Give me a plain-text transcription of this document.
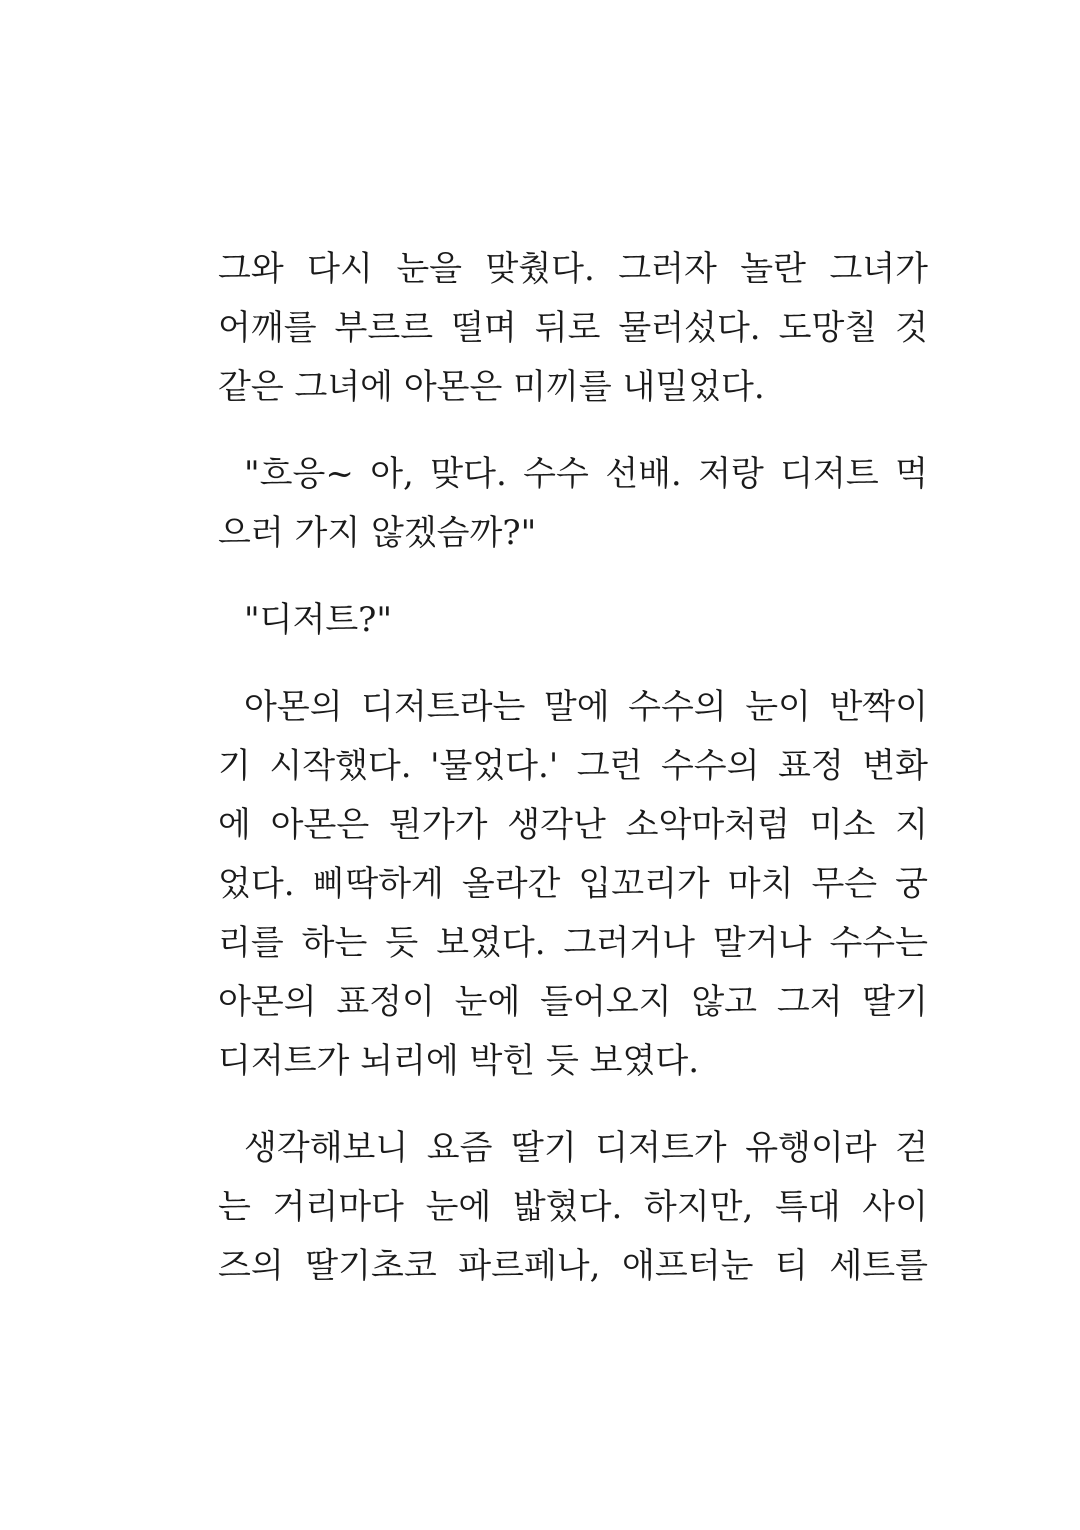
그와 다시 눈을 맞췄다. 그러자 놀란 그녀가
어깨를 부르르 떨며 뒤로 물러섰다. 도망칠 것
같은 그녀에 아몬은 미끼를 내밀었다.

"흐응~ 아, 맞다. 수수 선배. 저랑 디저트 먹
으러 가지 않겠슴까?"

"디저트?"

아몬의 디저트라는 말에 수수의 눈이 반짝이
기 시작했다. '물었다.' 그런 수수의 표정 변화
에 아몬은 뭔가가 생각난 소악마처럼 미소 지
었다. 삐딱하게 올라간 입꼬리가 마치 무슨 궁
리를 하는 듯 보였다. 그러거나 말거나 수수는
아몬의 표정이 눈에 들어오지 않고 그저 딸기
디저트가 뇌리에 박힌 듯 보였다.

생각해보니 요즘 딸기 디저트가 유행이라 걷
는 거리마다 눈에 밟혔다. 하지만, 특대 사이
즈의 딸기초코 파르페나, 애프터눈 티 세트를
